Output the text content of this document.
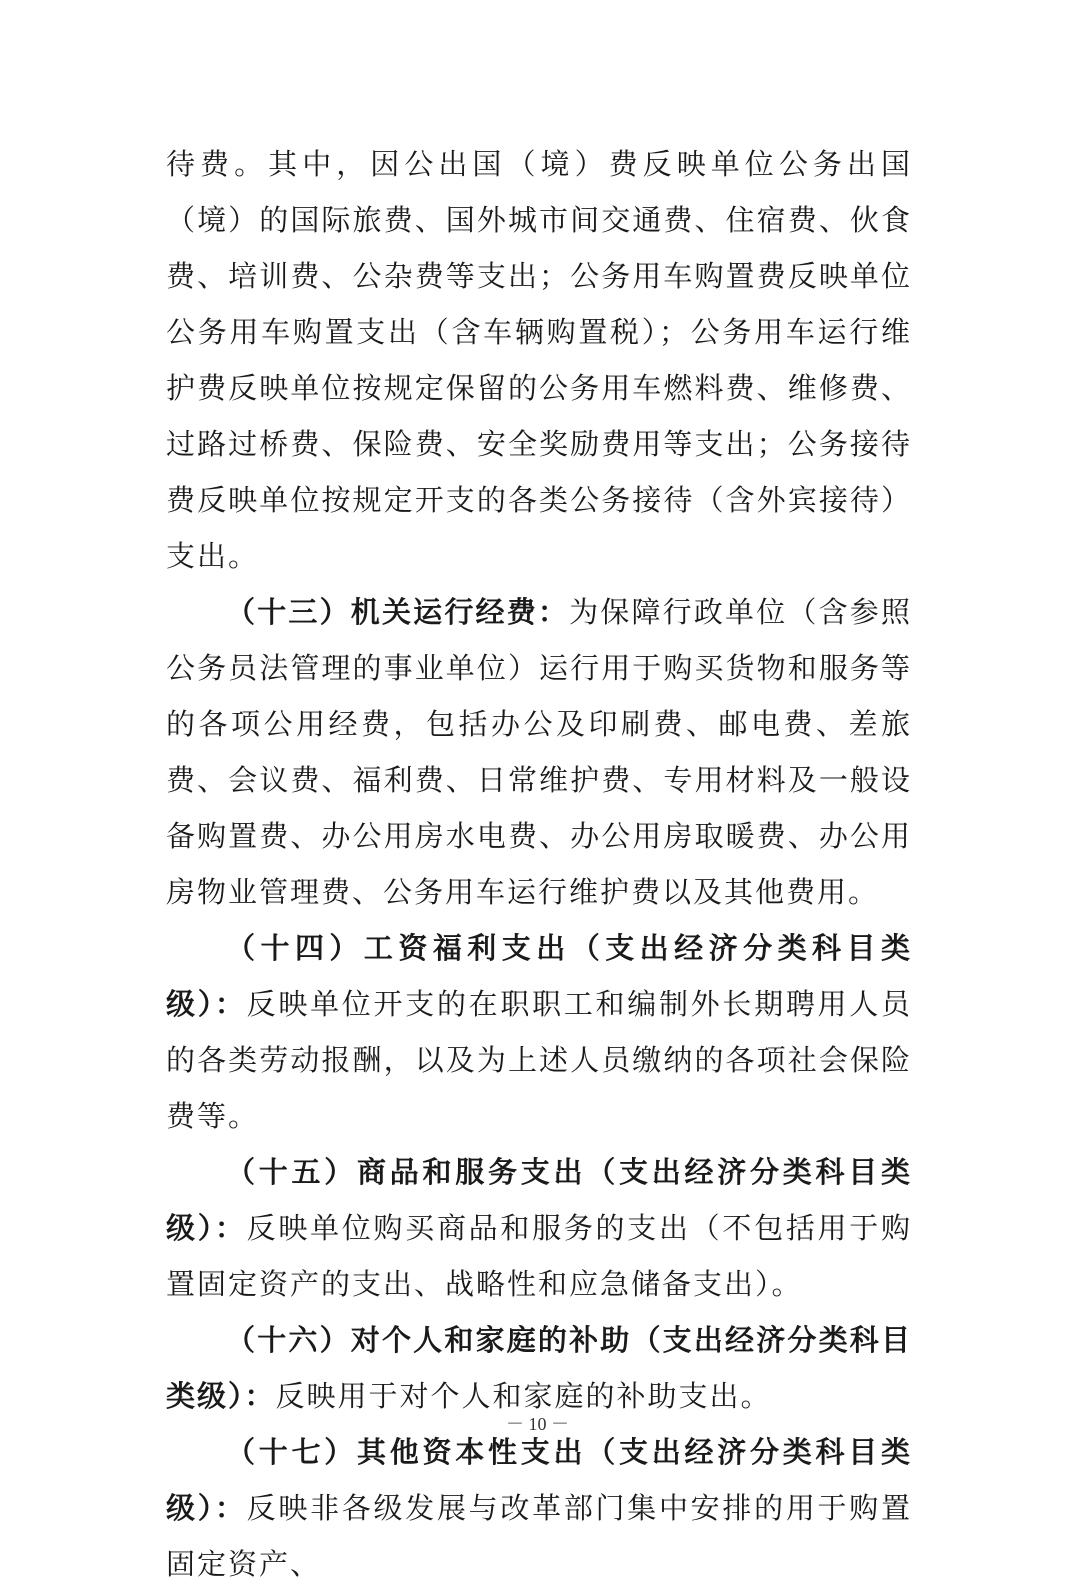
待费。其中，因公出国（境）费反映单位公务出国（境）的国际旅费、国外城市间交通费、住宿费、伙食费、培训费、公杂费等支出；公务用车购置费反映单位公务用车购置支出（含车辆购置税）；公务用车运行维护费反映单位按规定保留的公务用车燃料费、维修费、过路过桥费、保险费、安全奖励费用等支出；公务接待费反映单位按规定开支的各类公务接待（含外宾接待）支出。

（十三）机关运行经费：为保障行政单位（含参照公务员法管理的事业单位）运行用于购买货物和服务等的各项公用经费，包括办公及印刷费、邮电费、差旅费、会议费、福利费、日常维护费、专用材料及一般设备购置费、办公用房水电费、办公用房取暖费、办公用房物业管理费、公务用车运行维护费以及其他费用。

（十四）工资福利支出（支出经济分类科目类级）：反映单位开支的在职职工和编制外长期聘用人员的各类劳动报酬，以及为上述人员缴纳的各项社会保险费等。

（十五）商品和服务支出（支出经济分类科目类级）：反映单位购买商品和服务的支出（不包括用于购置固定资产的支出、战略性和应急储备支出）。

（十六）对个人和家庭的补助（支出经济分类科目类级）：反映用于对个人和家庭的补助支出。

（十七）其他资本性支出（支出经济分类科目类级）：反映非各级发展与改革部门集中安排的用于购置固定资产、

－ 10 －
